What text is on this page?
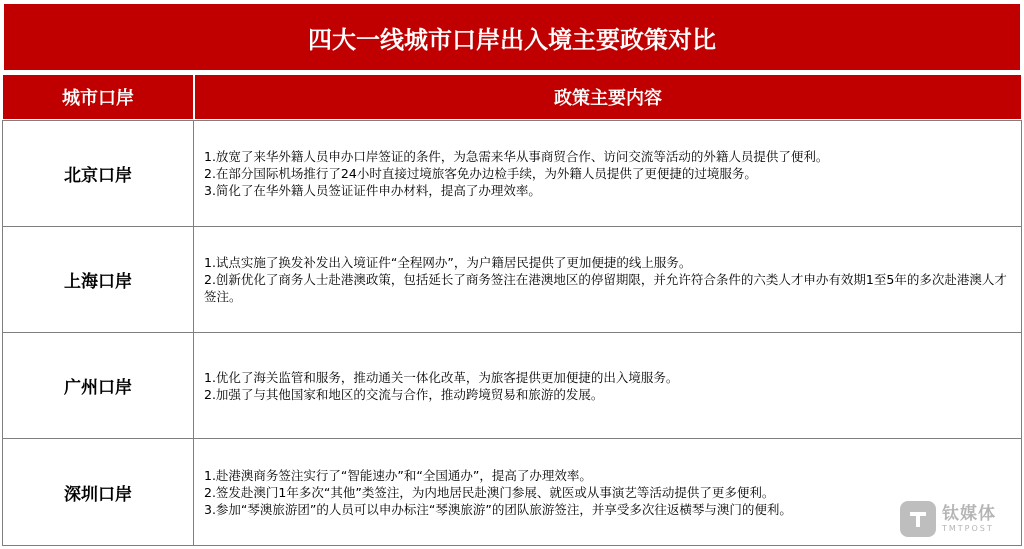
四大一线城市口岸出入境主要政策对比
城市口岸	政策主要内容
北京口岸

1.放宽了来华外籍人员申办口岸签证的条件，为急需来华从事商贸合作、访问交流等活动的外籍人员提供了便利。

2.在部分国际机场推行了24小时直接过境旅客免办边检手续，为外籍人员提供了更便捷的过境服务。

3.简化了在华外籍人员签证证件申办材料，提高了办理效率。

上海口岸

1.试点实施了换发补发出入境证件“全程网办”，为户籍居民提供了更加便捷的线上服务。

2.创新优化了商务人士赴港澳政策，包括延长了商务签注在港澳地区的停留期限，并允许符合条件的六类人才申办有效期1至5年的多次赴港澳人才签注。

广州口岸

1.优化了海关监管和服务，推动通关一体化改革，为旅客提供更加便捷的出入境服务。

2.加强了与其他国家和地区的交流与合作，推动跨境贸易和旅游的发展。

深圳口岸

1.赴港澳商务签注实行了“智能速办”和“全国通办”，提高了办理效率。

2.签发赴澳门1年多次“其他”类签注，为内地居民赴澳门参展、就医或从事演艺等活动提供了更多便利。

3.参加“琴澳旅游团”的人员可以申办标注“琴澳旅游”的团队旅游签注，并享受多次往返横琴与澳门的便利。	钛媒体
TMTPOST
